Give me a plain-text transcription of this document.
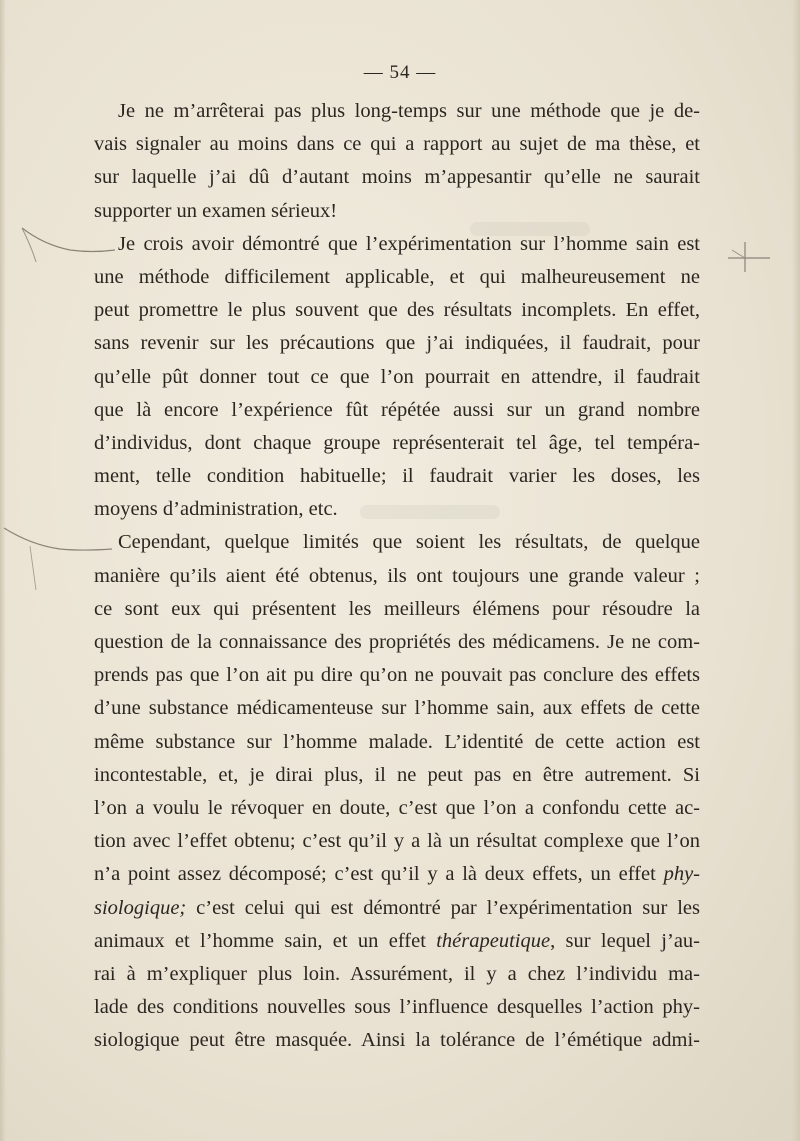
— 54 —
Je ne m’arrêterai pas plus long-temps sur une méthode que je de-
vais signaler au moins dans ce qui a rapport au sujet de ma thèse, et
sur laquelle j’ai dû d’autant moins m’appesantir qu’elle ne saurait
supporter un examen sérieux!
Je crois avoir démontré que l’expérimentation sur l’homme sain est
une méthode difficilement applicable, et qui malheureusement ne
peut promettre le plus souvent que des résultats incomplets. En effet,
sans revenir sur les précautions que j’ai indiquées, il faudrait, pour
qu’elle pût donner tout ce que l’on pourrait en attendre, il faudrait
que là encore l’expérience fût répétée aussi sur un grand nombre
d’individus, dont chaque groupe représenterait tel âge, tel tempéra-
ment, telle condition habituelle; il faudrait varier les doses, les
moyens d’administration, etc.
Cependant, quelque limités que soient les résultats, de quelque
manière qu’ils aient été obtenus, ils ont toujours une grande valeur ;
ce sont eux qui présentent les meilleurs élémens pour résoudre la
question de la connaissance des propriétés des médicamens. Je ne com-
prends pas que l’on ait pu dire qu’on ne pouvait pas conclure des effets
d’une substance médicamenteuse sur l’homme sain, aux effets de cette
même substance sur l’homme malade. L’identité de cette action est
incontestable, et, je dirai plus, il ne peut pas en être autrement. Si
l’on a voulu le révoquer en doute, c’est que l’on a confondu cette ac-
tion avec l’effet obtenu; c’est qu’il y a là un résultat complexe que l’on
n’a point assez décomposé; c’est qu’il y a là deux effets, un effet phy-
siologique; c’est celui qui est démontré par l’expérimentation sur les
animaux et l’homme sain, et un effet thérapeutique, sur lequel j’au-
rai à m’expliquer plus loin. Assurément, il y a chez l’individu ma-
lade des conditions nouvelles sous l’influence desquelles l’action phy-
siologique peut être masquée. Ainsi la tolérance de l’émétique admi-
